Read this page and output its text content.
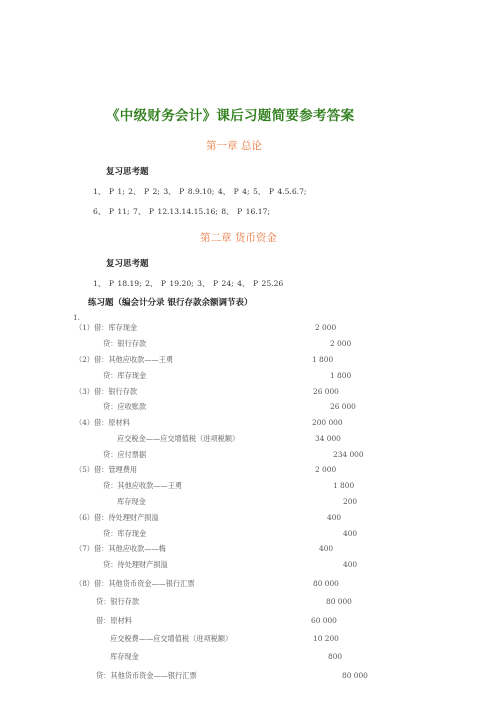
《中级财务会计》课后习题简要参考答案
第一章 总论
复习思考题
1、 P 1; 2、 P 2; 3、 P 8.9.10; 4、 P 4; 5、 P 4.5.6.7;
6、 P 11; 7、 P 12.13.14.15.16; 8、 P 16.17;
第二章 货币资金
复习思考题
1、 P 18.19; 2、 P 19.20; 3、 P 24; 4、 P 25.26
练习题（编会计分录 银行存款余额调节表）
1.
（1）借：库存现金	2 000
贷：银行存款	2 000
（2）借：其他应收款——王勇	1 800
贷：库存现金	1 800
（3）借：银行存款	26 000
贷：应收账款	26 000
（4）借：原材料	200 000
应交税金——应交增值税（进项税额）	34 000
贷：应付票据	234 000
（5）借：管理费用	2 000
贷：其他应收款——王勇	1 800
库存现金	200
（6）借：待处理财产损溢	400
贷：库存现金	400
（7）借：其他应收款——梅	400
贷：待处理财产损溢	400
（8）借：其他货币资金——银行汇票	80 000
贷：银行存款	80 000
借：原材料	60 000
应交税费——应交增值税（进项税额）	10 200
库存现金	800
贷：其他货币资金——银行汇票	80 000
